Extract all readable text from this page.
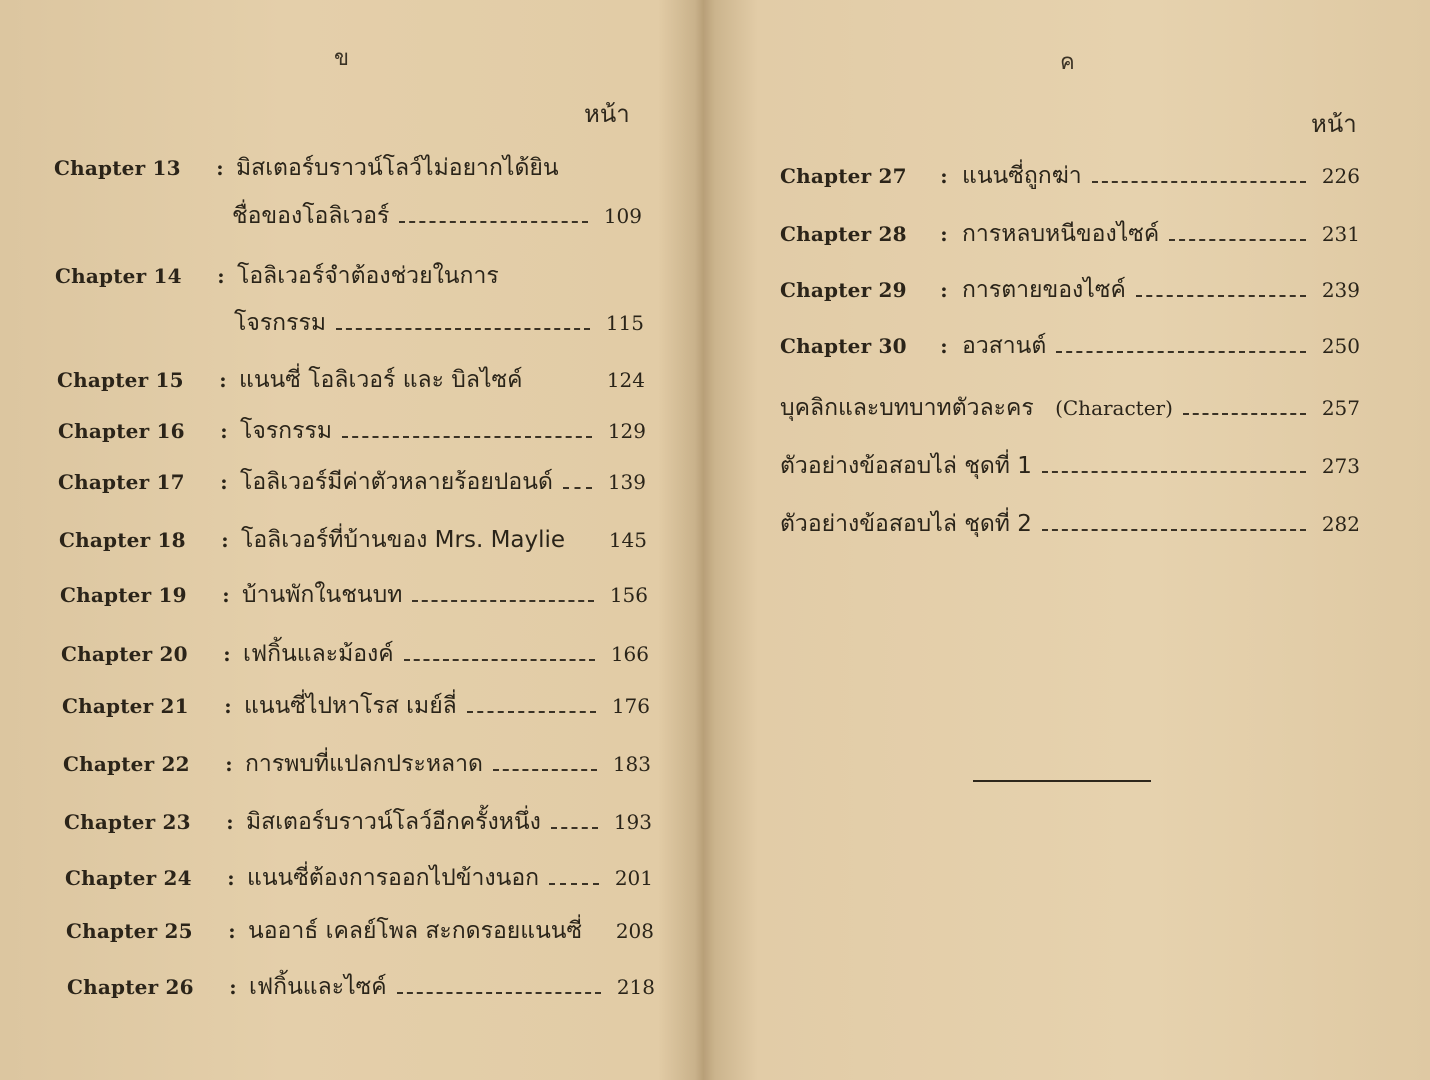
ข
หน้า
Chapter 13	: มิสเตอร์บราวน์โลว์ไม่อยากได้ยิน
ชื่อของโอลิเวอร์	109
Chapter 14	: โอลิเวอร์จำต้องช่วยในการ
โจรกรรม	115
Chapter 15	: แนนซี่ โอลิเวอร์ และ บิลไซค์	124
Chapter 16	: โจรกรรม	129
Chapter 17	: โอลิเวอร์มีค่าตัวหลายร้อยปอนด์	139
Chapter 18	: โอลิเวอร์ที่บ้านของ Mrs. Maylie	145
Chapter 19	: บ้านพักในชนบท	156
Chapter 20	: เฟกิ้นและม้องค์	166
Chapter 21	: แนนซี่ไปหาโรส เมย์ลี่	176
Chapter 22	: การพบที่แปลกประหลาด	183
Chapter 23	: มิสเตอร์บราวน์โลว์อีกครั้งหนึ่ง	193
Chapter 24	: แนนซี่ต้องการออกไปข้างนอก	201
Chapter 25	: นออาธ์ เคลย์โพล สะกดรอยแนนซี่	208
Chapter 26	: เฟกิ้นและไซค์	218
ค
หน้า
Chapter 27	: แนนซี่ถูกฆ่า	226
Chapter 28	: การหลบหนีของไซค์	231
Chapter 29	: การตายของไซค์	239
Chapter 30	: อวสานต์	250
บุคลิกและบทบาทตัวละคร (Character)	257
ตัวอย่างข้อสอบไล่ ชุดที่ 1	273
ตัวอย่างข้อสอบไล่ ชุดที่ 2	282
